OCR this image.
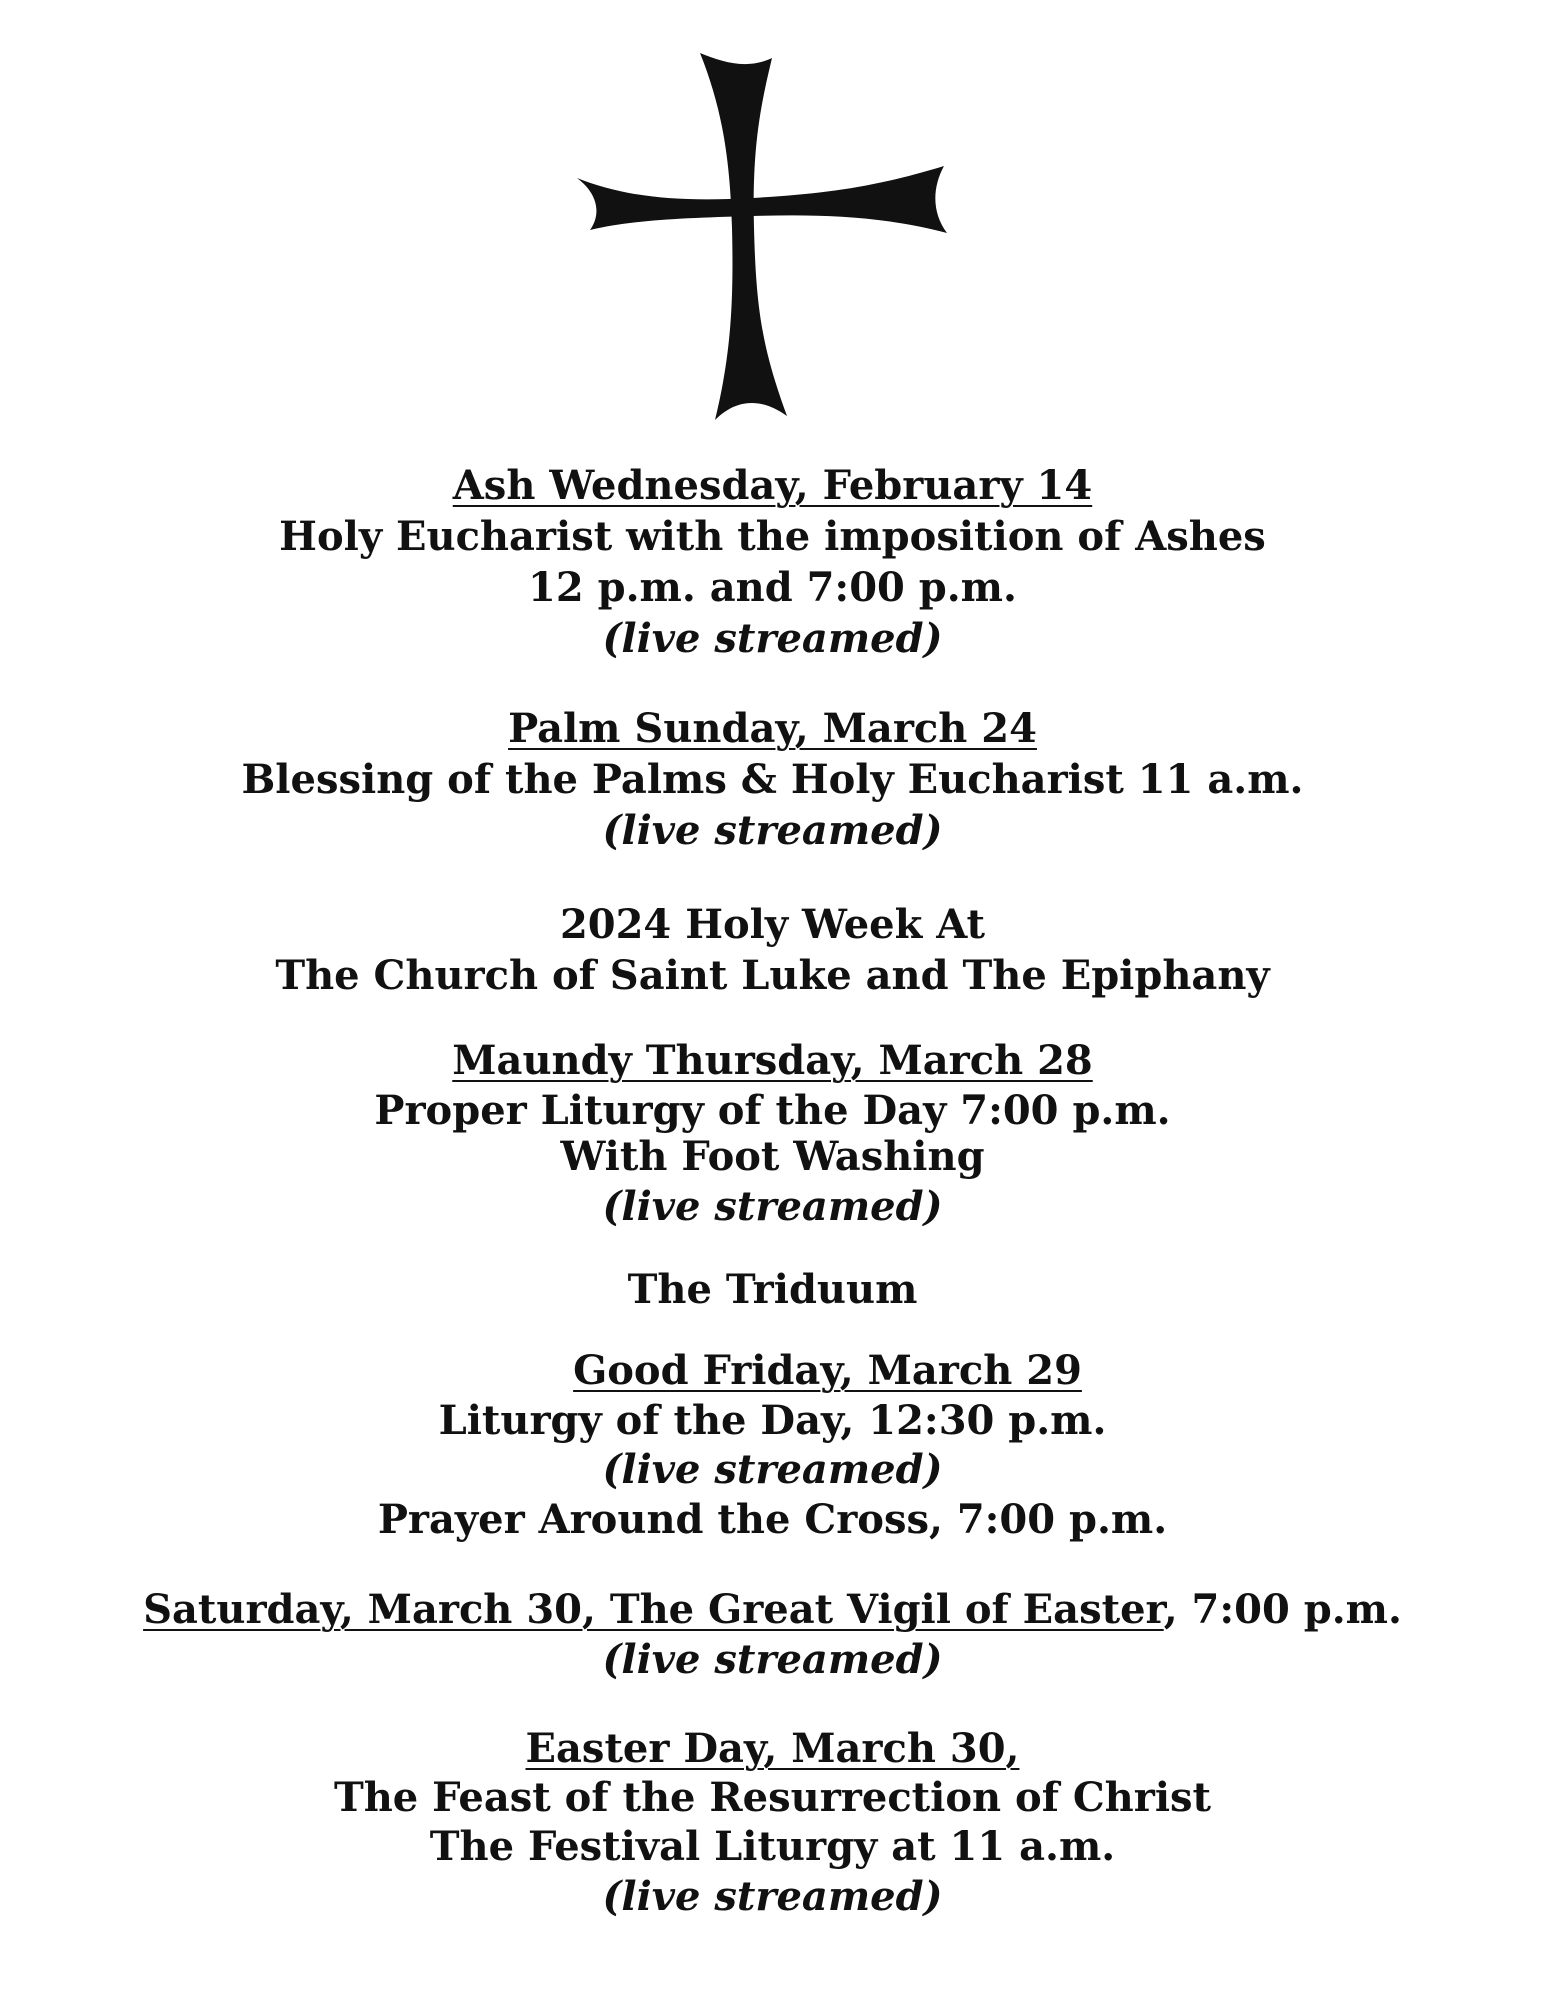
Ash Wednesday, February 14
Holy Eucharist with the imposition of Ashes
12 p.m. and 7:00 p.m.
(live streamed)
Palm Sunday, March 24
Blessing of the Palms & Holy Eucharist 11 a.m.
(live streamed)
2024 Holy Week At
The Church of Saint Luke and The Epiphany
Maundy Thursday, March 28
Proper Liturgy of the Day 7:00 p.m.
With Foot Washing
(live streamed)
The Triduum
Good Friday, March 29
Liturgy of the Day, 12:30 p.m.
(live streamed)
Prayer Around the Cross, 7:00 p.m.
Saturday, March 30, The Great Vigil of Easter, 7:00 p.m.
(live streamed)
Easter Day, March 30,
The Feast of the Resurrection of Christ
The Festival Liturgy at 11 a.m.
(live streamed)
